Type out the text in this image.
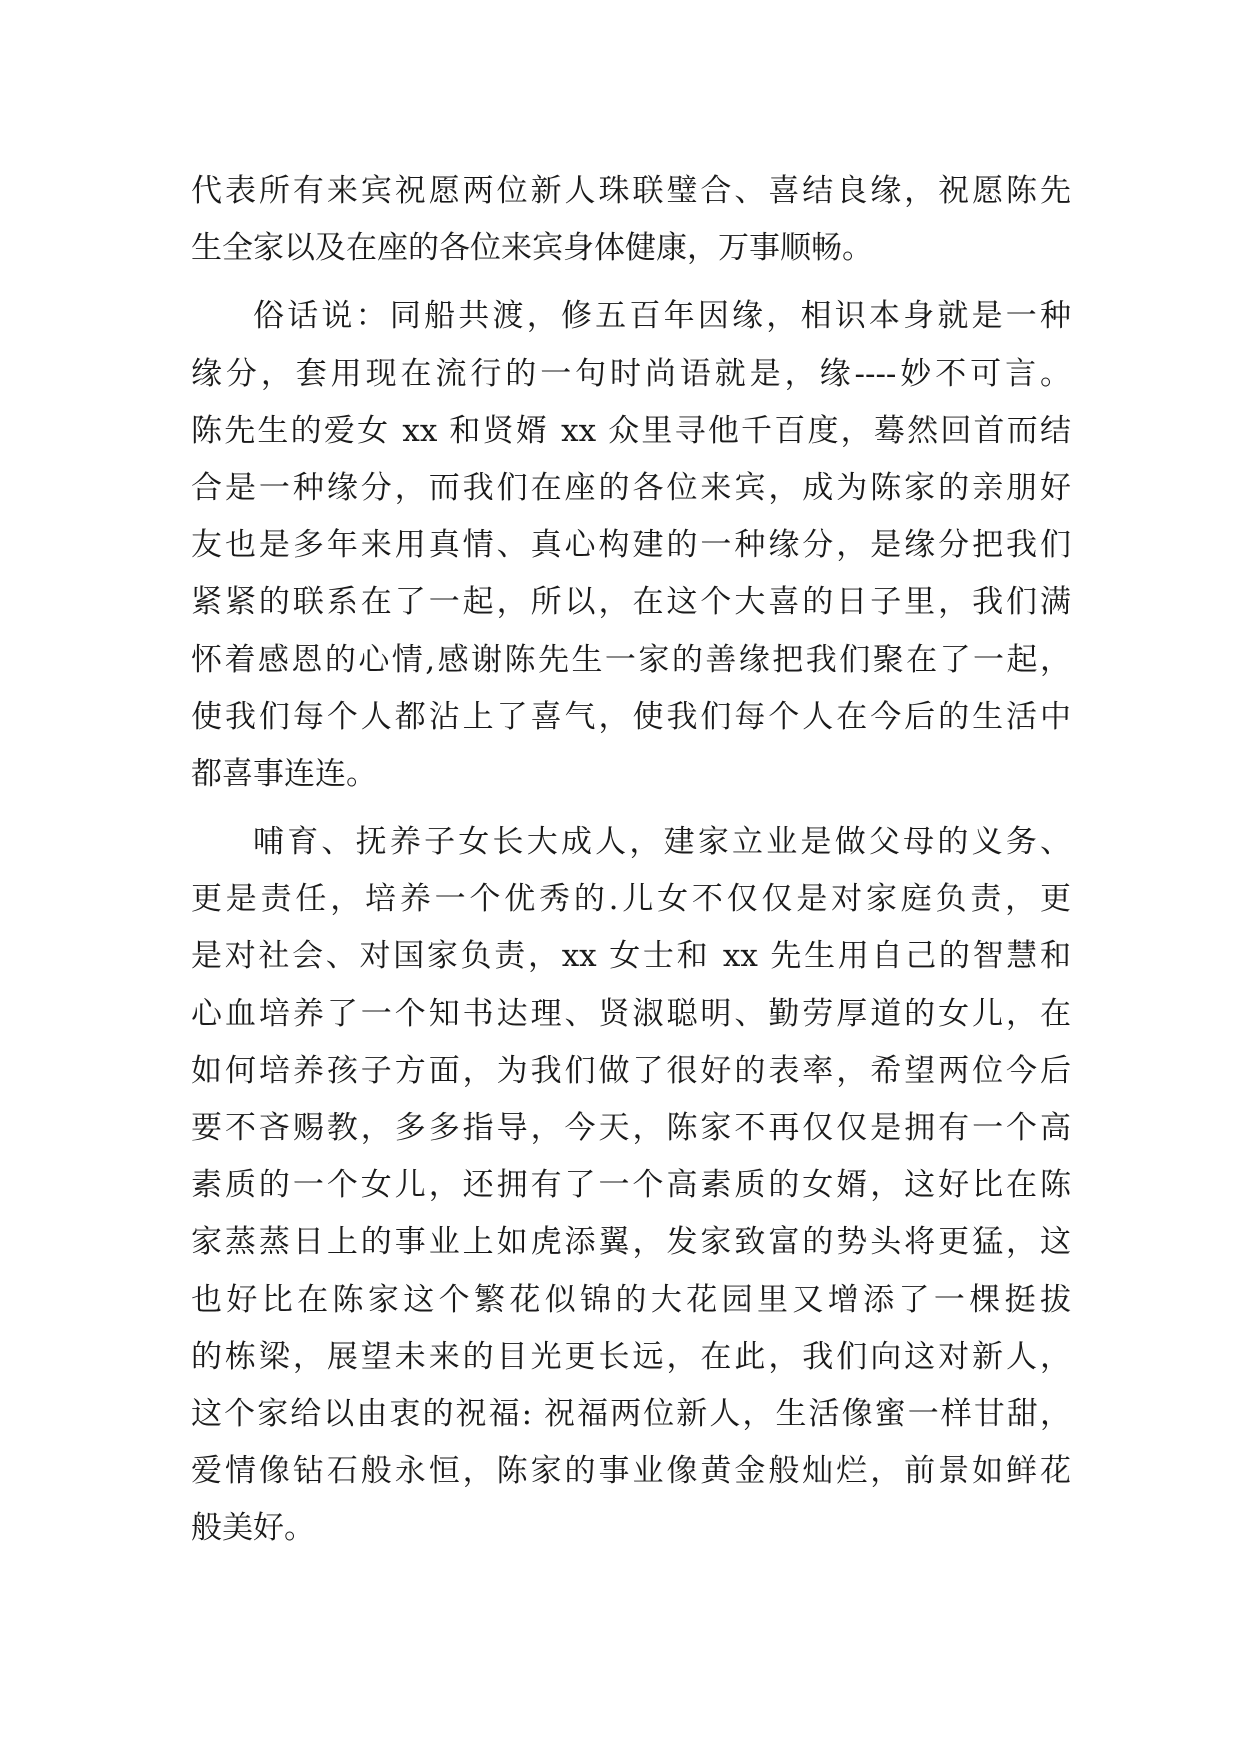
代表所有来宾祝愿两位新人珠联璧合、喜结良缘，祝愿陈先
生全家以及在座的各位来宾身体健康，万事顺畅。
俗话说：同船共渡，修五百年因缘，相识本身就是一种
缘分，套用现在流行的一句时尚语就是，缘----妙不可言。
陈先生的爱女 xx 和贤婿 xx 众里寻他千百度，蓦然回首而结
合是一种缘分，而我们在座的各位来宾，成为陈家的亲朋好
友也是多年来用真情、真心构建的一种缘分，是缘分把我们
紧紧的联系在了一起，所以，在这个大喜的日子里，我们满
怀着感恩的心情,感谢陈先生一家的善缘把我们聚在了一起，
使我们每个人都沾上了喜气，使我们每个人在今后的生活中
都喜事连连。
哺育、抚养子女长大成人，建家立业是做父母的义务、
更是责任，培养一个优秀的.儿女不仅仅是对家庭负责，更
是对社会、对国家负责，xx 女士和 xx 先生用自己的智慧和
心血培养了一个知书达理、贤淑聪明、勤劳厚道的女儿，在
如何培养孩子方面，为我们做了很好的表率，希望两位今后
要不吝赐教，多多指导，今天，陈家不再仅仅是拥有一个高
素质的一个女儿，还拥有了一个高素质的女婿，这好比在陈
家蒸蒸日上的事业上如虎添翼，发家致富的势头将更猛，这
也好比在陈家这个繁花似锦的大花园里又增添了一棵挺拔
的栋梁，展望未来的目光更长远，在此，我们向这对新人，
这个家给以由衷的祝福: 祝福两位新人，生活像蜜一样甘甜，
爱情像钻石般永恒，陈家的事业像黄金般灿烂，前景如鲜花
般美好。
